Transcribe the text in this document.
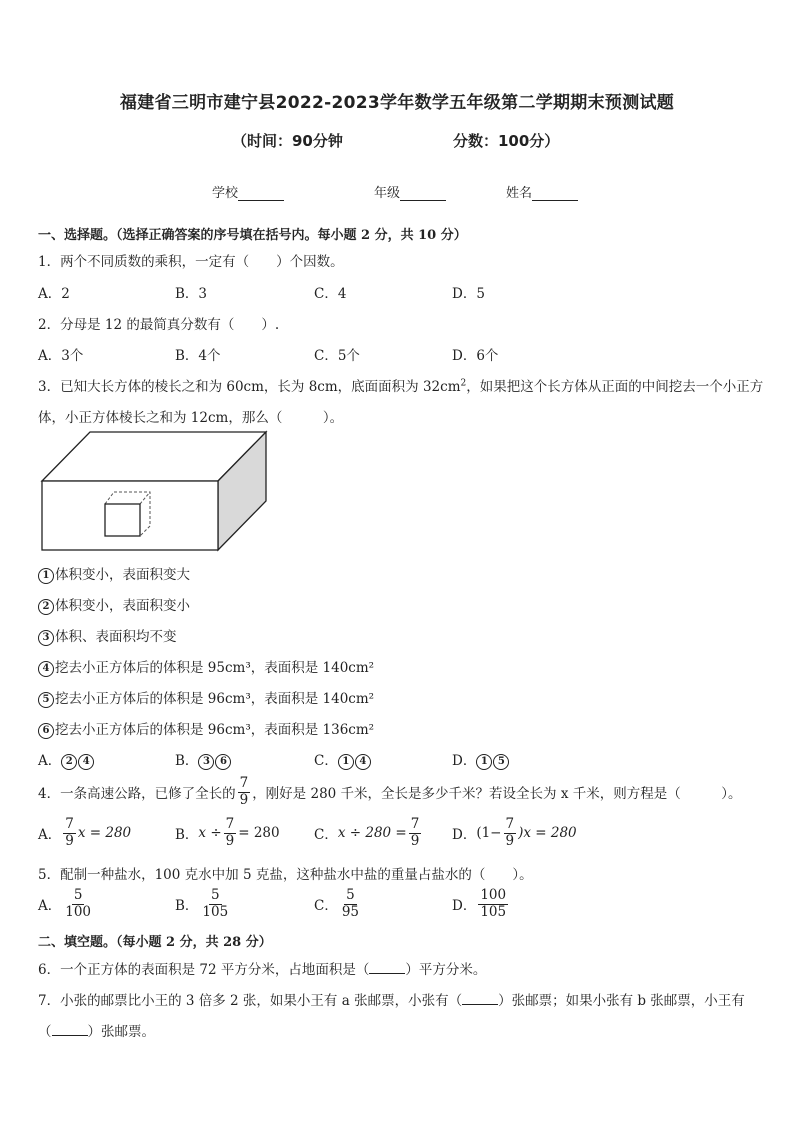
福建省三明市建宁县2022-2023学年数学五年级第二学期期末预测试题
（时间：90分钟	分数：100分）
学校	年级	姓名
一、选择题。（选择正确答案的序号填在括号内。每小题 2 分，共 10 分）
1．两个不同质数的乘积，一定有（　　）个因数。
A．2	B．3	C．4	D．5
2．分母是 12 的最简真分数有（　　）.
A．3个	B．4个	C．5个	D．6个
3．已知大长方体的棱长之和为 60cm，长为 8cm，底面面积为 $32cm^2$，如果把这个长方体从正面的中间挖去一个小正方
体，小正方体棱长之和为 12cm，那么（　　　）。
1 体积变小，表面积变大
2 体积变小，表面积变小
3 体积、表面积均不变
4 挖去小正方体后的体积是 95cm³，表面积是 140cm²
5 挖去小正方体后的体积是 96cm³，表面积是 140cm²
6 挖去小正方体后的体积是 96cm³，表面积是 136cm²
A． 2 4	B． 3 6	C． 1 4	D． 1 5
4．一条高速公路，已修了全长的 $\frac{7}{9}$ ，刚好是 280 千米，全长是多少千米？若设全长为 x 千米，则方程是（　　　）。
A． $\frac{7}{9}$ x = 280	B． $x \div \frac{7}{9} = 280$	C． $x \div 280 = \frac{7}{9}$ D． $(1- \frac{7}{9} )x = 280$
5．配制一种盐水，100 克水中加 5 克盐，这种盐水中盐的重量占盐水的（　　）。
A． $\frac{5}{100}$	B． $\frac{5}{105}$	C． $\frac{5}{95}$	D． $\frac{100}{105}$
二、填空题。（每小题 2 分，共 28 分）
6．一个正方体的表面积是 72 平方分米，占地面积是（	）平方分米。
7．小张的邮票比小王的 3 倍多 2 张，如果小王有 a 张邮票，小张有（	）张邮票；如果小张有 b 张邮票，小王有
（	）张邮票。
